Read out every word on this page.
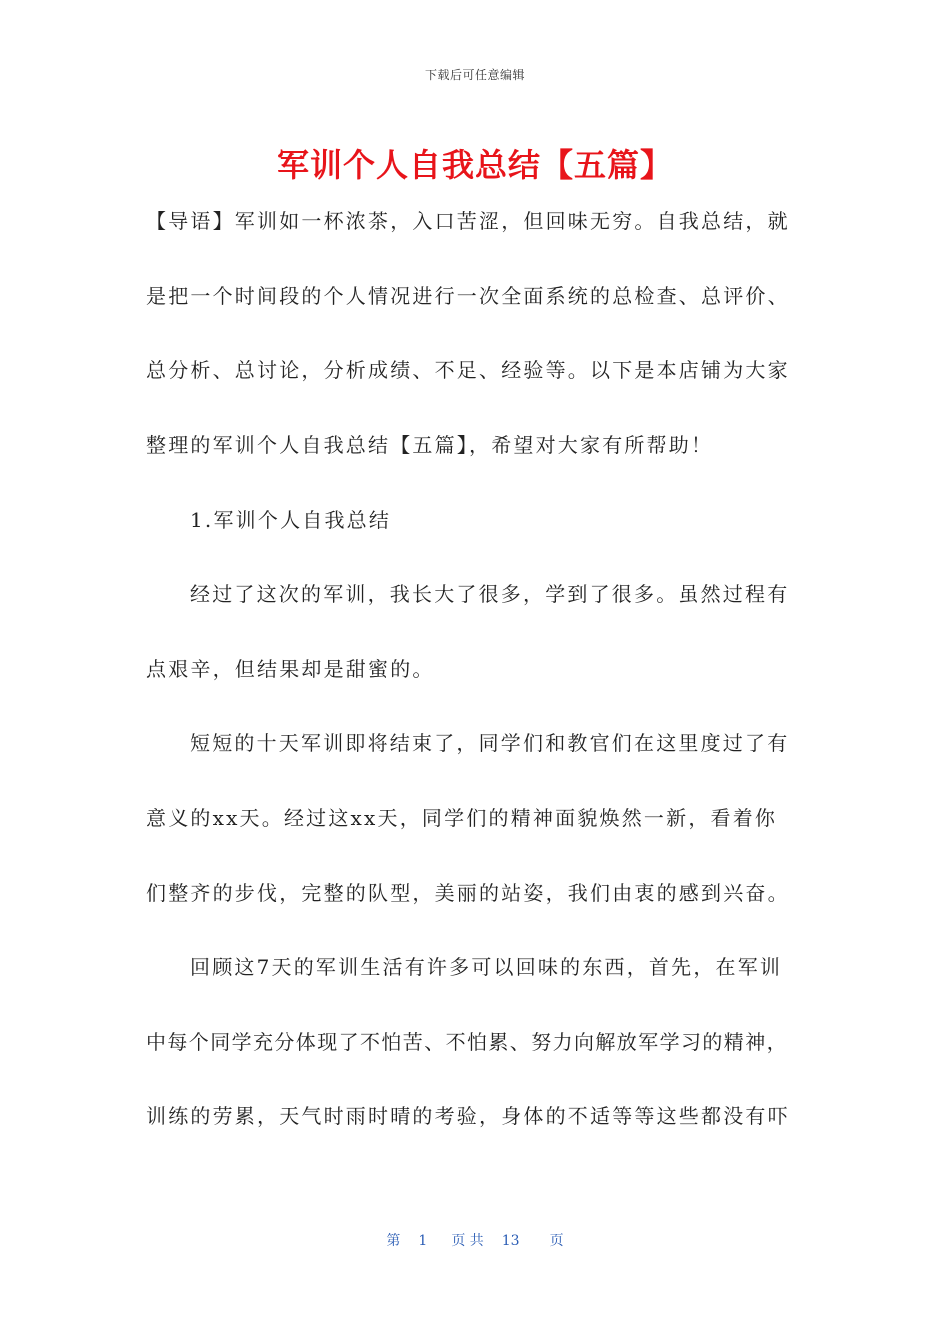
下载后可任意编辑
军训个人自我总结【五篇】
【导语】军训如一杯浓茶，入口苦涩，但回味无穷。自我总结，就
是把一个时间段的个人情况进行一次全面系统的总检查、总评价、
总分析、总讨论，分析成绩、不足、经验等。以下是本店铺为大家
整理的军训个人自我总结【五篇】，希望对大家有所帮助！
1.军训个人自我总结
经过了这次的军训，我长大了很多，学到了很多。虽然过程有
点艰辛，但结果却是甜蜜的。
短短的十天军训即将结束了，同学们和教官们在这里度过了有
意义的xx天。经过这xx天，同学们的精神面貌焕然一新，看着你
们整齐的步伐，完整的队型，美丽的站姿，我们由衷的感到兴奋。
回顾这7天的军训生活有许多可以回味的东西，首先，在军训
中每个同学充分体现了不怕苦、不怕累、努力向解放军学习的精神，
训练的劳累，天气时雨时晴的考验，身体的不适等等这些都没有吓
第 1 页 共 13 页
